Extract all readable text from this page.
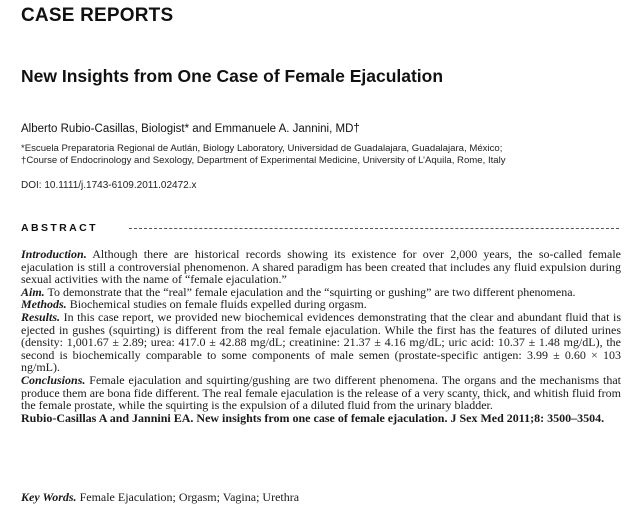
CASE REPORTS
New Insights from One Case of Female Ejaculation
Alberto Rubio-Casillas, Biologist* and Emmanuele A. Jannini, MD†
*Escuela Preparatoria Regional de Autlán, Biology Laboratory, Universidad de Guadalajara, Guadalajara, México;
†Course of Endocrinology and Sexology, Department of Experimental Medicine, University of L’Aquila, Rome, Italy
DOI: 10.1111/j.1743-6109.2011.02472.x
ABSTRACT

Introduction. Although there are historical records showing its existence for over 2,000 years, the so-called female ejaculation is still a controversial phenomenon. A shared paradigm has been created that includes any fluid expulsion during sexual activities with the name of “female ejaculation.”

Aim. To demonstrate that the “real” female ejaculation and the “squirting or gushing” are two different phenomena.

Methods. Biochemical studies on female fluids expelled during orgasm.

Results. In this case report, we provided new biochemical evidences demonstrating that the clear and abundant fluid that is ejected in gushes (squirting) is different from the real female ejaculation. While the first has the features of diluted urines (density: 1,001.67 ± 2.89; urea: 417.0 ± 42.88 mg/dL; creatinine: 21.37 ± 4.16 mg/dL; uric acid: 10.37 ± 1.48 mg/dL), the second is biochemically comparable to some components of male semen (prostate-specific antigen: 3.99 ± 0.60 × 103 ng/mL).

Conclusions. Female ejaculation and squirting/gushing are two different phenomena. The organs and the mechanisms that produce them are bona fide different. The real female ejaculation is the release of a very scanty, thick, and whitish fluid from the female prostate, while the squirting is the expulsion of a diluted fluid from the urinary bladder.

Rubio-Casillas A and Jannini EA. New insights from one case of female ejaculation. J Sex Med 2011;8: 3500–3504.

Key Words. Female Ejaculation; Orgasm; Vagina; Urethra
